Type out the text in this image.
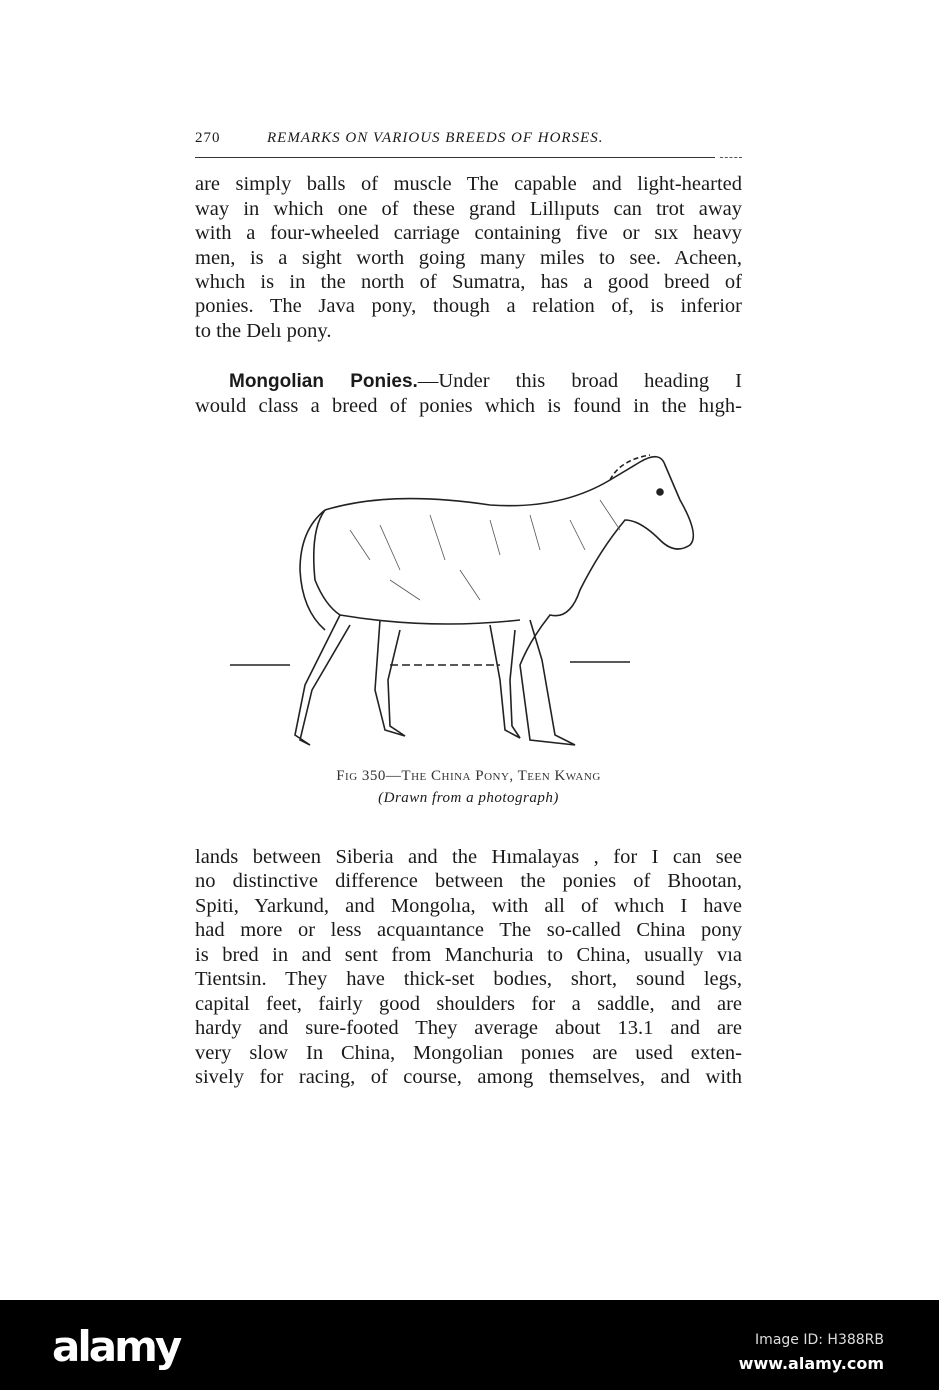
270	REMARKS ON VARIOUS BREEDS OF HORSES.
are simply balls of muscle The capable and light-hearted
way in which one of these grand Lillıputs can trot away
with a four-wheeled carriage containing five or sıx heavy
men, is a sight worth going many miles to see. Acheen,
whıch is in the north of Sumatra, has a good breed of
ponies. The Java pony, though a relation of, is inferior
to the Delı pony.
Mongolian Ponies.—Under this broad heading I
would class a breed of ponies which is found in the hıgh-
Fig 350—The China Pony, Teen Kwang
(Drawn from a photograph)
lands between Siberia and the Hımalayas , for I can see
no distinctive difference between the ponies of Bhootan,
Spiti, Yarkund, and Mongolıa, with all of whıch I have
had more or less acquaıntance The so-called China pony
is bred in and sent from Manchuria to China, usually vıa
Tientsin. They have thick-set bodıes, short, sound legs,
capital feet, fairly good shoulders for a saddle, and are
hardy and sure-footed They average about 13.1 and are
very slow In China, Mongolian ponıes are used exten-
sively for racing, of course, among themselves, and with
alamy	Image ID: H388RB
www.alamy.com
